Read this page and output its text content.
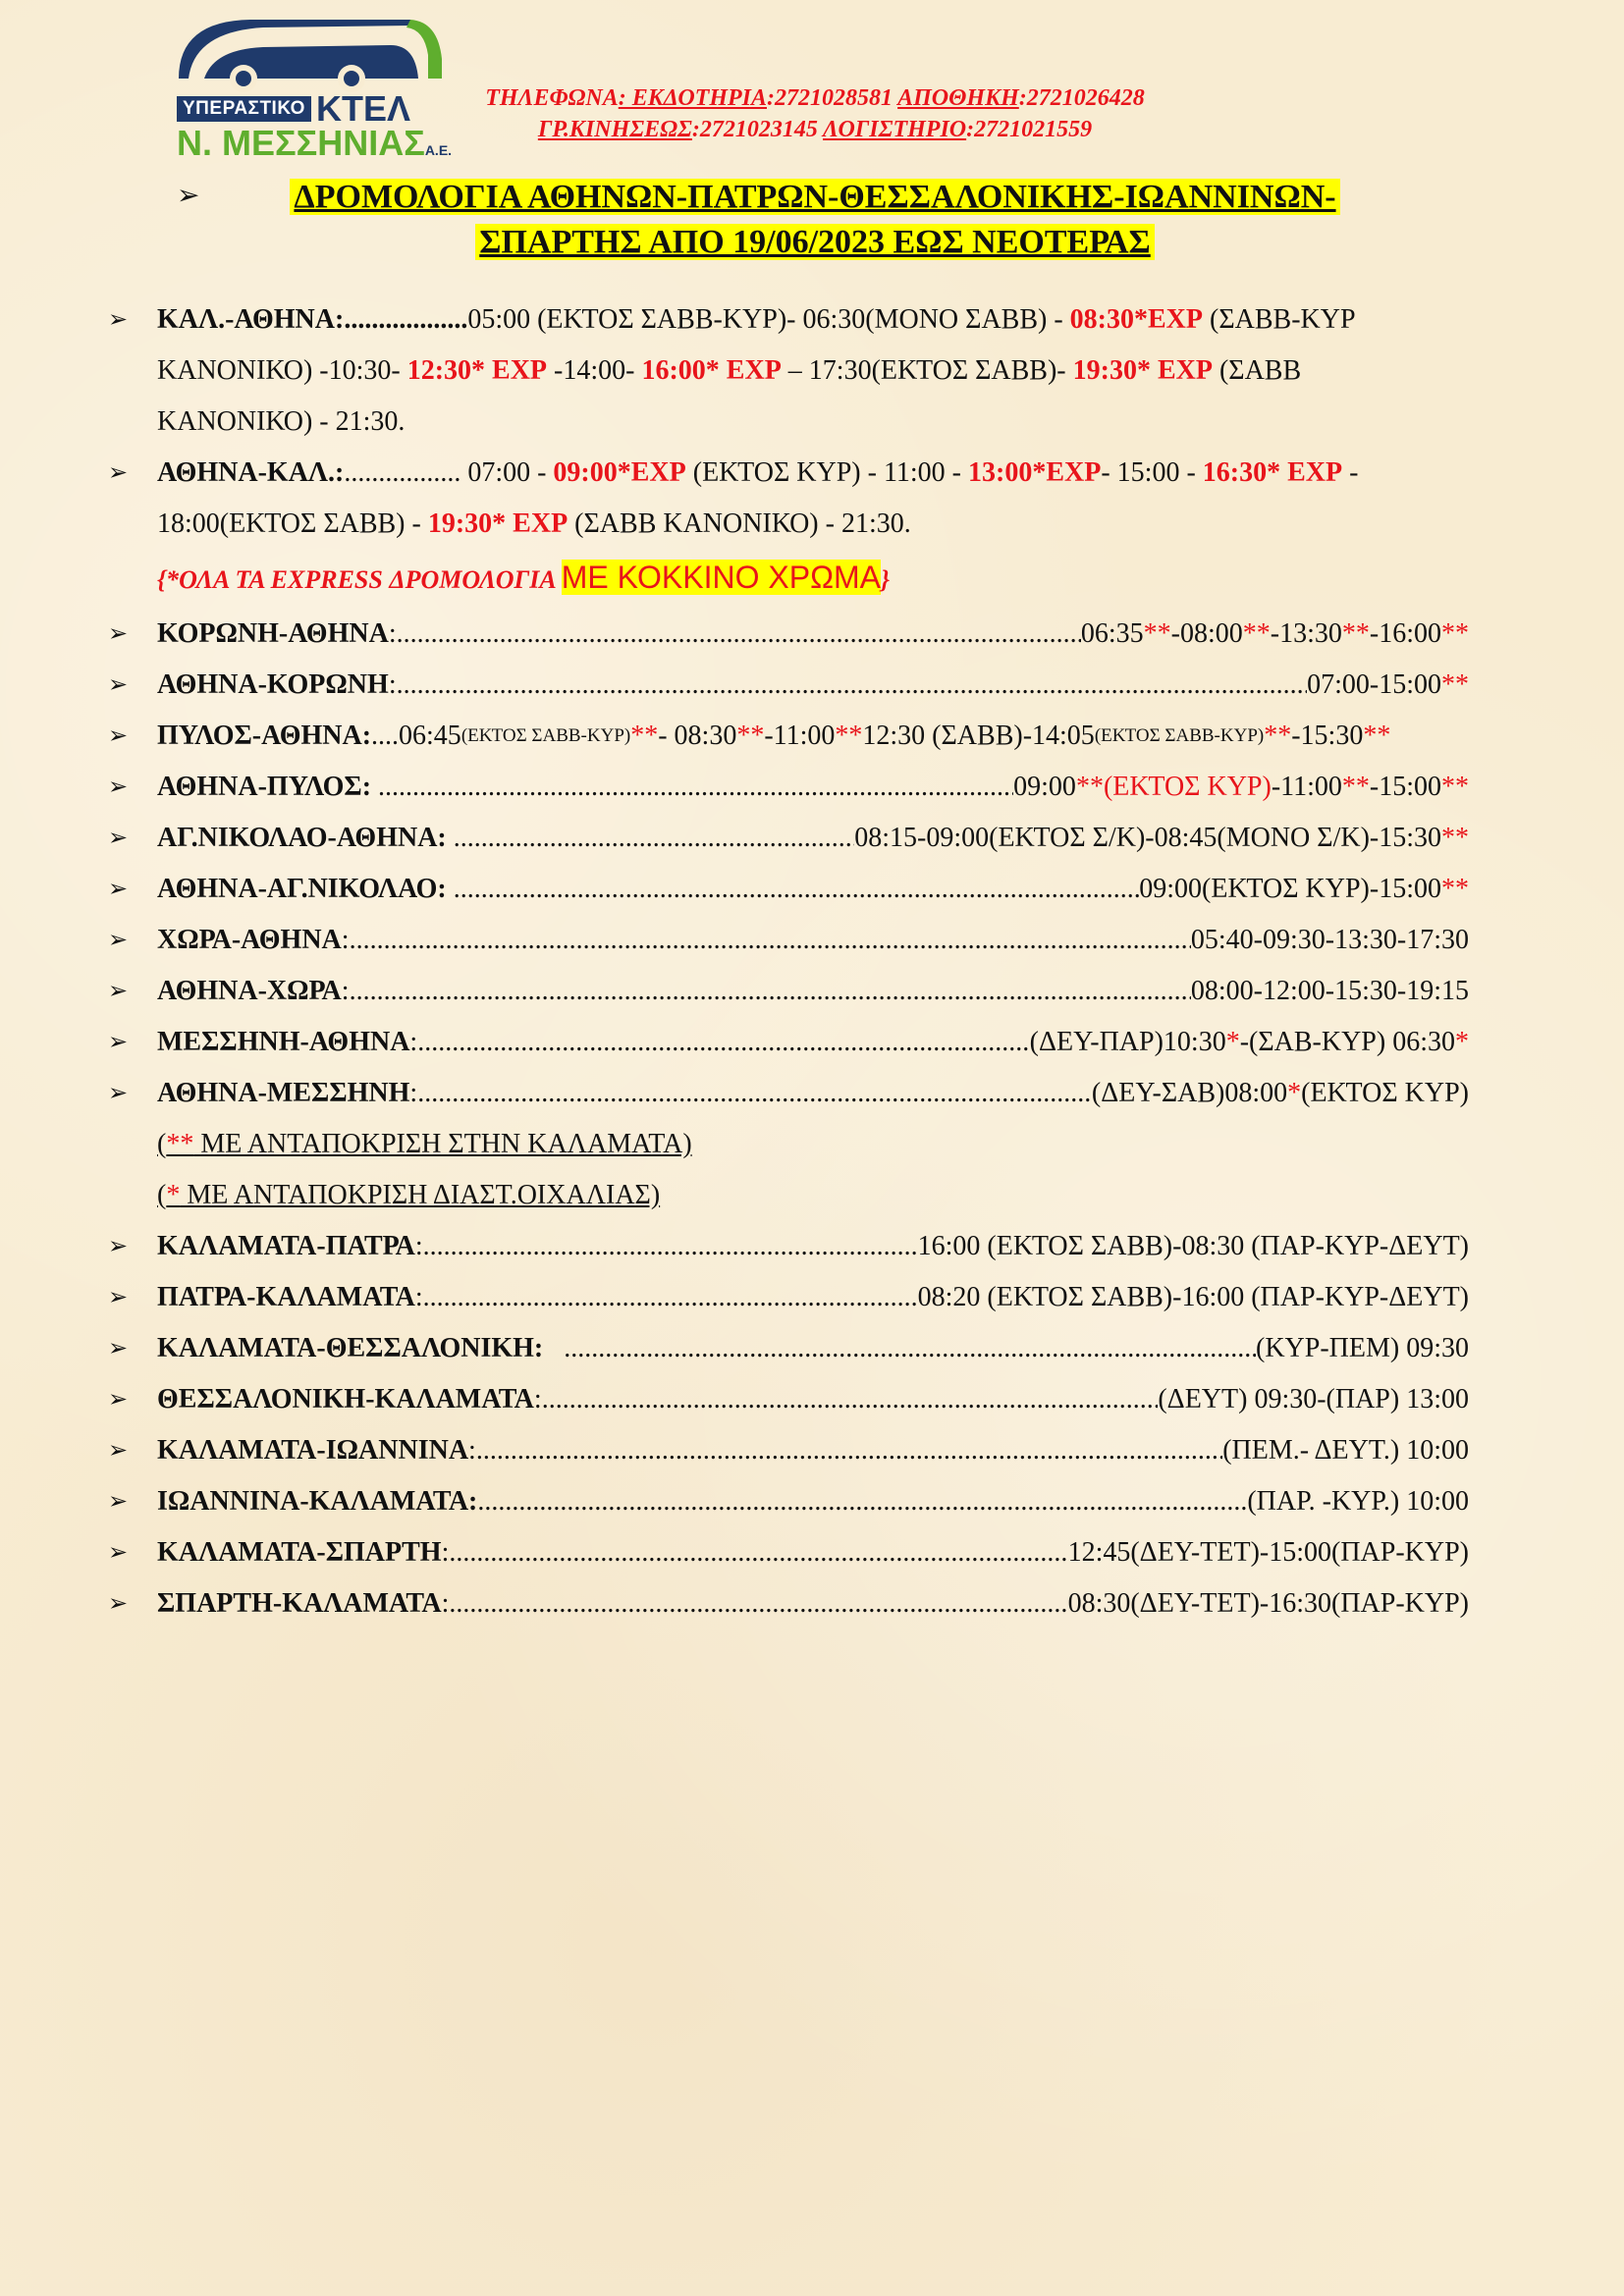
ΥΠΕΡΑΣΤΙΚΟ ΚΤΕΛ
Ν. ΜΕΣΣΗΝΙΑΣΑ.Ε.
ΤΗΛΕΦΩΝΑ: ΕΚΔΟΤΗΡΙΑ:2721028581 ΑΠΟΘΗΚΗ:2721026428
ΓΡ.ΚΙΝΗΣΕΩΣ:2721023145 ΛΟΓΙΣΤΗΡΙΟ:2721021559
➢	ΔΡΟΜΟΛΟΓΙΑ ΑΘΗΝΩΝ-ΠΑΤΡΩΝ-ΘΕΣΣΑΛΟΝΙΚΗΣ-ΙΩΑΝΝΙΝΩΝ-
ΣΠΑΡΤΗΣ ΑΠΟ 19/06/2023 ΕΩΣ ΝΕΟΤΕΡΑΣ
➢ ΚΑΛ.-ΑΘΗΝΑ:..................05:00 (ΕΚΤΟΣ ΣΑΒΒ-ΚΥΡ)- 06:30(ΜΟΝΟ ΣΑΒΒ) - 08:30*ΕΧΡ (ΣΑΒΒ-ΚΥΡ
ΚΑΝΟΝΙΚΟ) -10:30- 12:30* ΕΧΡ -14:00- 16:00* ΕΧΡ – 17:30(ΕΚΤΟΣ ΣΑΒΒ)- 19:30* ΕΧΡ (ΣΑΒΒ
ΚΑΝΟΝΙΚΟ) - 21:30.
➢ ΑΘΗΝΑ-ΚΑΛ.:................. 07:00 - 09:00*ΕΧΡ (ΕΚΤΟΣ ΚΥΡ) - 11:00 - 13:00*ΕΧΡ- 15:00 - 16:30* ΕΧΡ -
18:00(ΕΚΤΟΣ ΣΑΒΒ) - 19:30* ΕΧΡ (ΣΑΒΒ ΚΑΝΟΝΙΚΟ) - 21:30.
{*ΟΛΑ ΤΑ EXPRESS ΔΡΟΜΟΛΟΓΙΑ ΜΕ ΚΟΚΚΙΝΟ ΧΡΩΜΑ}
➢ ΚΟΡΩΝΗ-ΑΘΗΝΑ : .....	06:35 ** -08:00 ** -13:30 ** -16:00 **
➢ ΑΘΗΝΑ-ΚΟΡΩΝΗ : .....	07:00-15:00 **
➢ ΠΥΛΟΣ-ΑΘΗΝΑ: .... 06:45 (ΕΚΤΟΣ ΣΑΒΒ-ΚΥΡ) ** - 08:30 ** -11:00 ** 12:30 (ΣΑΒΒ)-14:05 (ΕΚΤΟΣ ΣΑΒΒ-ΚΥΡ) ** -15:30 **
➢ ΑΘΗΝΑ-ΠΥΛΟΣ:
.....	09:00 ** (ΕΚΤΟΣ ΚΥΡ) -11:00 ** -15:00 **
➢ ΑΓ.ΝΙΚΟΛΑΟ-ΑΘΗΝΑ:
.....	08:15-09:00(ΕΚΤΟΣ Σ/Κ)-08:45(ΜΟΝΟ Σ/Κ)-15:30 **
➢ ΑΘΗΝΑ-ΑΓ.ΝΙΚΟΛΑΟ:
.....	09:00(ΕΚΤΟΣ ΚΥΡ)-15:00 **
➢ ΧΩΡΑ-ΑΘΗΝΑ : .....	05:40-09:30-13:30-17:30
➢ ΑΘΗΝΑ-ΧΩΡΑ : .....	08:00-12:00-15:30-19:15
➢ ΜΕΣΣΗΝΗ-ΑΘΗΝΑ : .....	(ΔΕΥ-ΠΑΡ)10:30 * -(ΣΑΒ-ΚΥΡ) 06:30 *
➢ ΑΘΗΝΑ-ΜΕΣΣΗΝΗ : .....	(ΔΕΥ-ΣΑΒ)08:00 * (ΕΚΤΟΣ ΚΥΡ)
(** ΜΕ ΑΝΤΑΠΟΚΡΙΣΗ ΣΤΗΝ ΚΑΛΑΜΑΤΑ)
(* ΜΕ ΑΝΤΑΠΟΚΡΙΣΗ ΔΙΑΣΤ.ΟΙΧΑΛΙΑΣ)
➢ ΚΑΛΑΜΑΤΑ-ΠΑΤΡΑ : .....	16:00 (ΕΚΤΟΣ ΣΑΒΒ)-08:30 (ΠΑΡ-ΚΥΡ-ΔΕΥΤ)
➢ ΠΑΤΡΑ-ΚΑΛΑΜΑΤΑ : .....	08:20 (ΕΚΤΟΣ ΣΑΒΒ)-16:00 (ΠΑΡ-ΚΥΡ-ΔΕΥΤ)
➢ ΚΑΛΑΜΑΤΑ-ΘΕΣΣΑΛΟΝΙΚΗ:
.....	(ΚΥΡ-ΠΕΜ) 09:30
➢ ΘΕΣΣΑΛΟΝΙΚΗ-ΚΑΛΑΜΑΤΑ : .....	(ΔΕΥΤ) 09:30-(ΠΑΡ) 13:00
➢ ΚΑΛΑΜΑΤΑ-ΙΩΑΝΝΙΝΑ : .....	(ΠΕΜ.- ΔΕΥΤ.) 10:00
➢ ΙΩΑΝΝΙΝΑ-ΚΑΛΑΜΑΤΑ: .....	(ΠΑΡ. -ΚΥΡ.) 10:00
➢ ΚΑΛΑΜΑΤΑ-ΣΠΑΡΤΗ : .....	12:45(ΔΕΥ-ΤΕΤ)-15:00(ΠΑΡ-ΚΥΡ)
➢ ΣΠΑΡΤΗ-ΚΑΛΑΜΑΤΑ : .....	08:30(ΔΕΥ-ΤΕΤ)-16:30(ΠΑΡ-ΚΥΡ)
